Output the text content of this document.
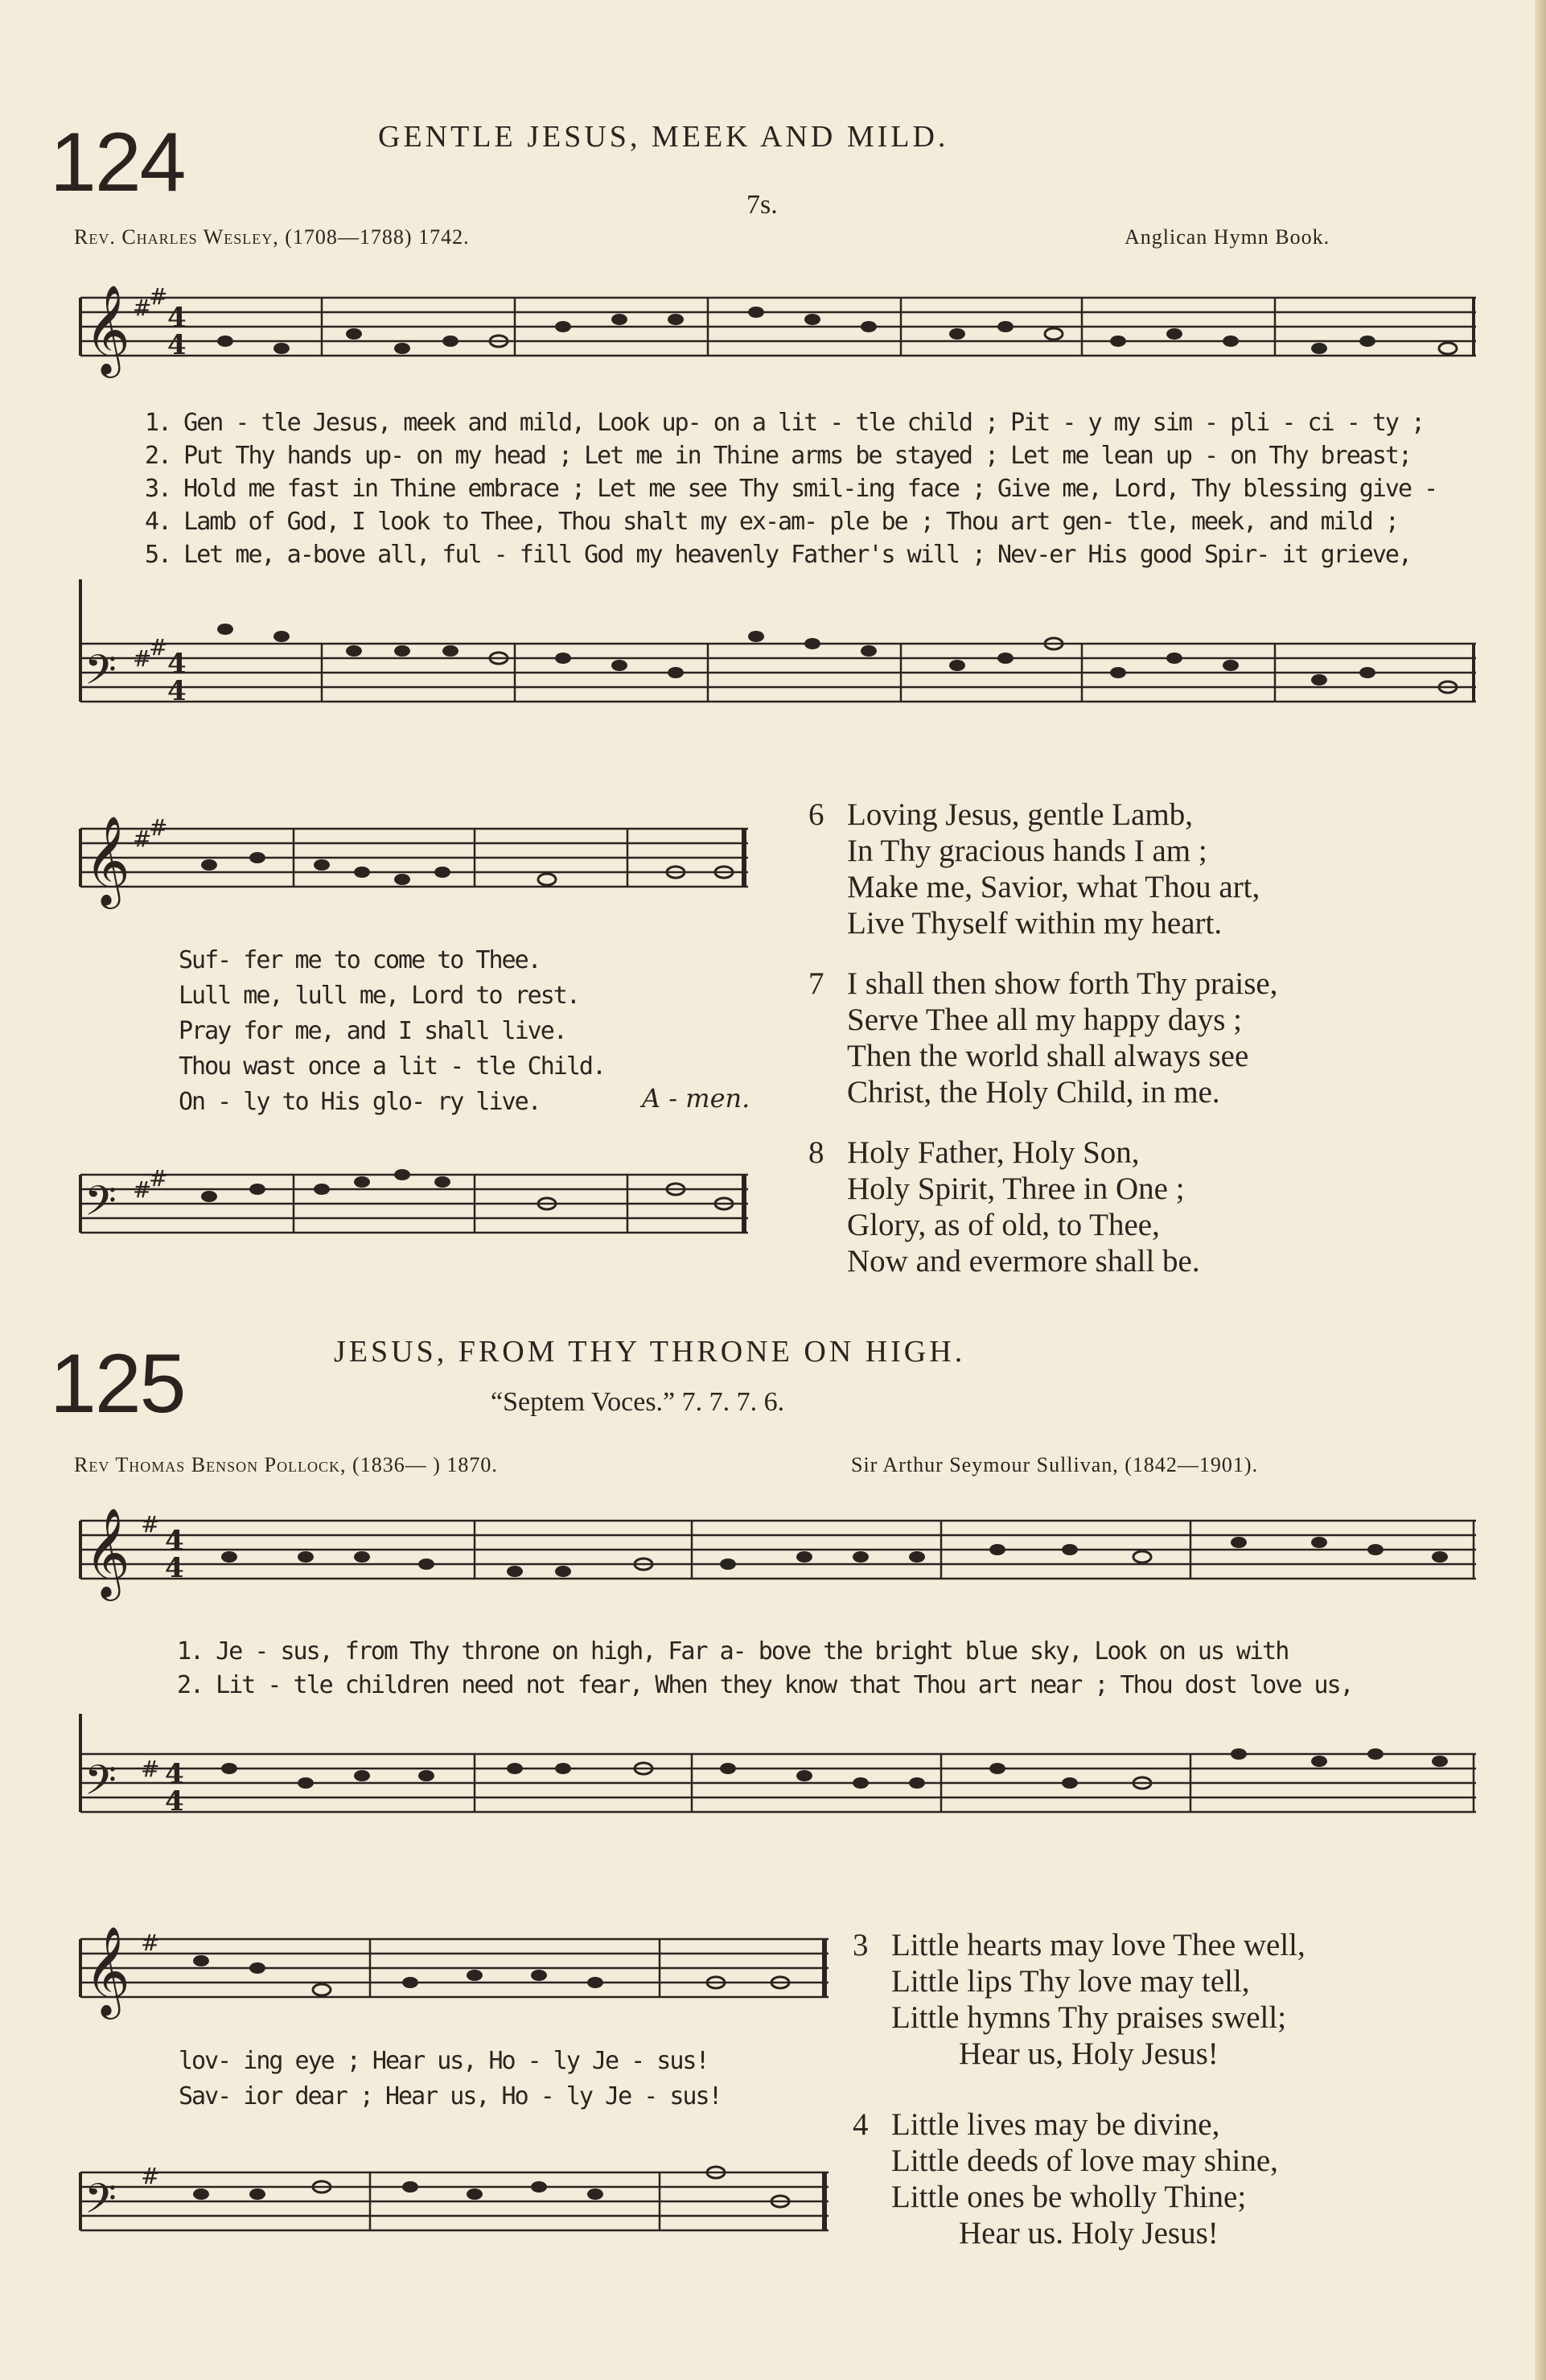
124	GENTLE JESUS, MEEK AND MILD.
7s.
Rev. Charles Wesley, (1708—1788) 1742.	Anglican Hymn Book.
𝄞 #
#
4
4
1. Gen - tle Jesus, meek and mild, Look up- on a lit - tle child ; Pit - y my sim - pli - ci - ty ;
2. Put Thy hands up- on my head ; Let me in Thine arms be stayed ; Let me lean up - on Thy breast;
3. Hold me fast in Thine embrace ; Let me see Thy smil-ing face ; Give me, Lord, Thy blessing give -
4. Lamb of God, I look to Thee, Thou shalt my ex-am- ple be ; Thou art gen- tle, meek, and mild ;
5. Let me, a-bove all, ful - fill God my heavenly Father's will ; Nev-er His good Spir- it grieve,
𝄢 #
#
4
4
𝄞 #
#
Suf- fer me to come to Thee.
Lull me, lull me, Lord to rest.
Pray for me, and I shall live.
Thou wast once a lit - tle Child.
On - ly to His glo- ry live.	A - men.
𝄢 #
#
6 Loving Jesus, gentle Lamb,
In Thy gracious hands I am ;
Make me, Savior, what Thou art,
Live Thyself within my heart.
7 I shall then show forth Thy praise,
Serve Thee all my happy days ;
Then the world shall always see
Christ, the Holy Child, in me.
8 Holy Father, Holy Son,
Holy Spirit, Three in One ;
Glory, as of old, to Thee,
Now and evermore shall be.
125	JESUS, FROM THY THRONE ON HIGH.
“Septem Voces.” 7. 7. 7. 6.
Rev Thomas Benson Pollock, (1836— ) 1870.	Sir Arthur Seymour Sullivan, (1842—1901).
𝄞 #
4
4
1. Je - sus, from Thy throne on high, Far a- bove the bright blue sky, Look on us with
2. Lit - tle children need not fear, When they know that Thou art near ; Thou dost love us,
𝄢 # 4
4
𝄞 #
lov- ing eye ; Hear us, Ho - ly Je - sus!
Sav- ior dear ; Hear us, Ho - ly Je - sus!
𝄢 #
3 Little hearts may love Thee well,
Little lips Thy love may tell,
Little hymns Thy praises swell;
Hear us, Holy Jesus!
4 Little lives may be divine,
Little deeds of love may shine,
Little ones be wholly Thine;
Hear us. Holy Jesus!
